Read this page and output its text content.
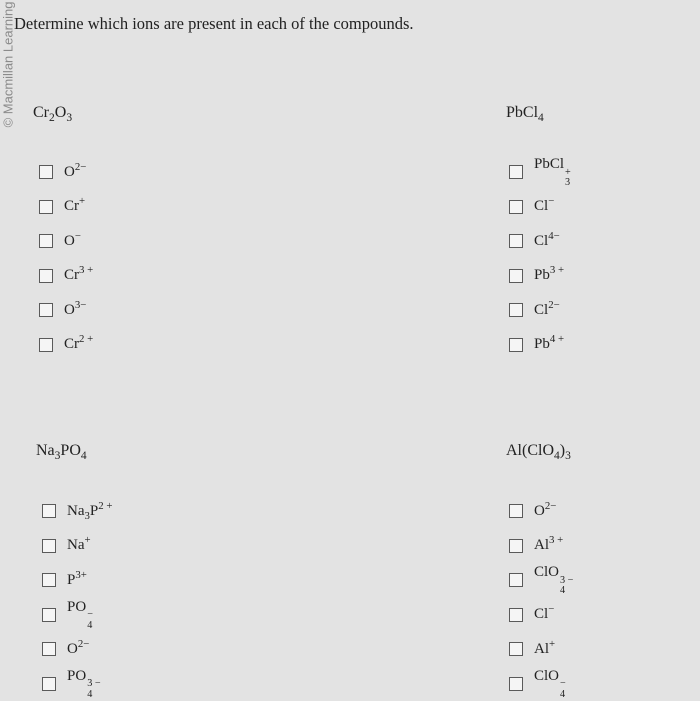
© Macmillan Learning
Determine which ions are present in each of the compounds.
$Cr_2O_3$
$O^{2-}$
Cr+
O−
$Cr^{3 +}$
$O^{3-}$
$Cr^{2 +}$
PbCl$_4$
PbCl
+
3
Cl−
$Cl^{4-}$
$Pb^{3 +}$
$Cl^{2-}$
$Pb^{4 +}$
$Na_3PO_4$
$Na_3P^{2 +}$
Na+
$P^{3+}$
PO
−
4
$O^{2-}$
PO
3 −
4
$Al(ClO_4)_3$
$O^{2-}$
$Al^{3 +}$
ClO
3 −
4
Cl−
Al+
ClO
−
4
